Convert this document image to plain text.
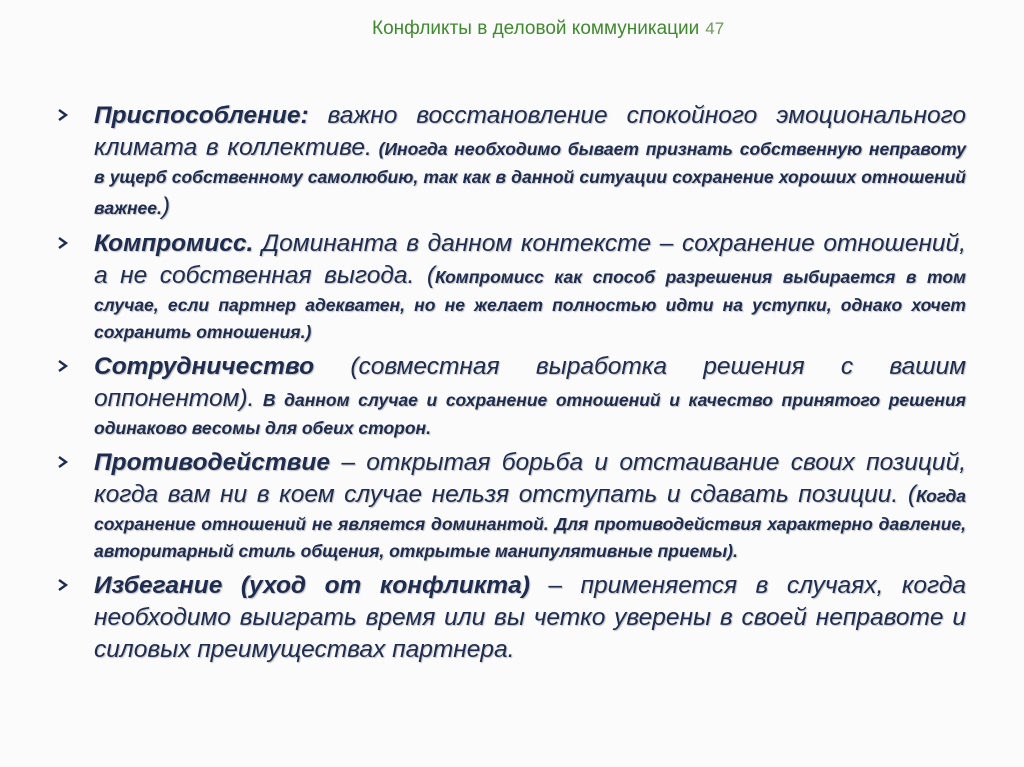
Конфликты в деловой коммуникации 47

Приспособление: важно восстановление спокойного эмоционального климата в коллективе. (Иногда необходимо бывает признать собственную неправоту в ущерб собственному самолюбию, так как в данной ситуации сохранение хороших отношений важнее.)

Компромисс. Доминанта в данном контексте – сохранение отношений, а не собственная выгода. (Компромисс как способ разрешения выбирается в том случае, если партнер адекватен, но не желает полностью идти на уступки, однако хочет сохранить отношения.)

Сотрудничество (совместная выработка решения с вашим оппонентом). В данном случае и сохранение отношений и качество принятого решения одинаково весомы для обеих сторон.

Противодействие – открытая борьба и отстаивание своих позиций, когда вам ни в коем случае нельзя отступать и сдавать позиции. (Когда сохранение отношений не является доминантой. Для противодействия характерно давление, авторитарный стиль общения, открытые манипулятивные приемы).

Избегание (уход от конфликта) – применяется в случаях, когда необходимо выиграть время или вы четко уверены в своей неправоте и силовых преимуществах партнера.
